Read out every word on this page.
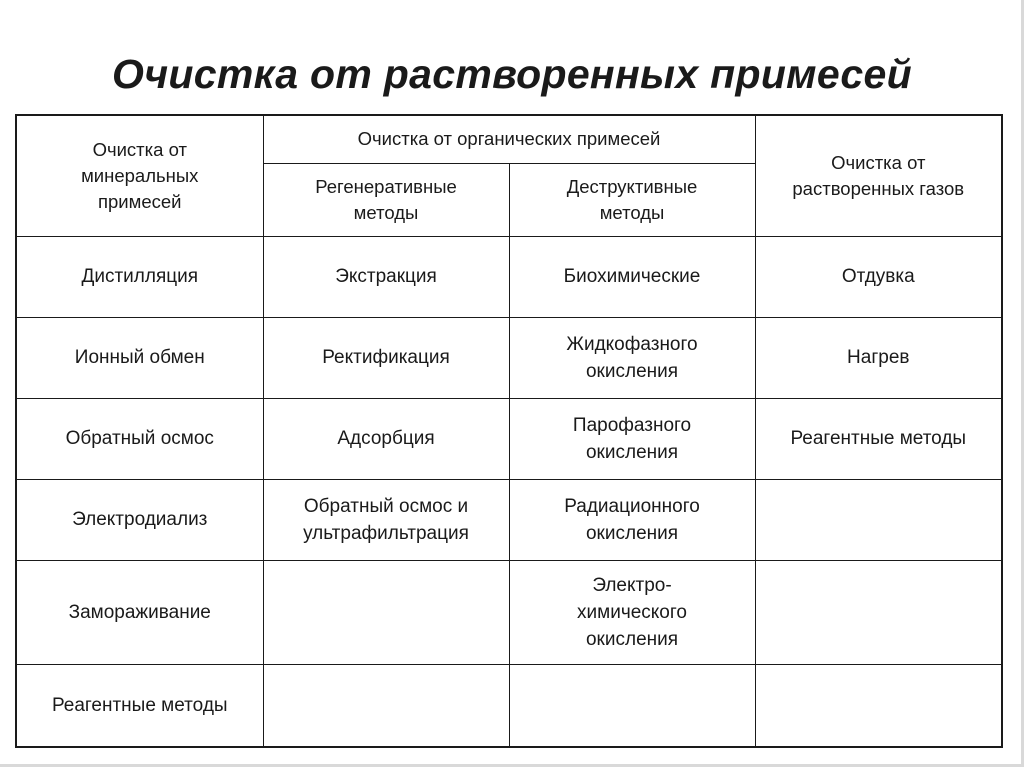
Очистка от растворенных примесей
Очистка от
минеральных
примесей	Очистка от органических примесей		Очистка от
растворенных газов
	Регенеративные
методы	Деструктивные
методы	
Дистилляция	Экстракция	Биохимические	Отдувка
Ионный обмен	Ректификация	Жидкофазного
окисления	Нагрев
Обратный осмос	Адсорбция	Парофазного
окисления	Реагентные методы
Электродиализ	Обратный осмос и
ультрафильтрация	Радиационного
окисления	
Замораживание		Электро-
химического
окисления	
Реагентные методы			
